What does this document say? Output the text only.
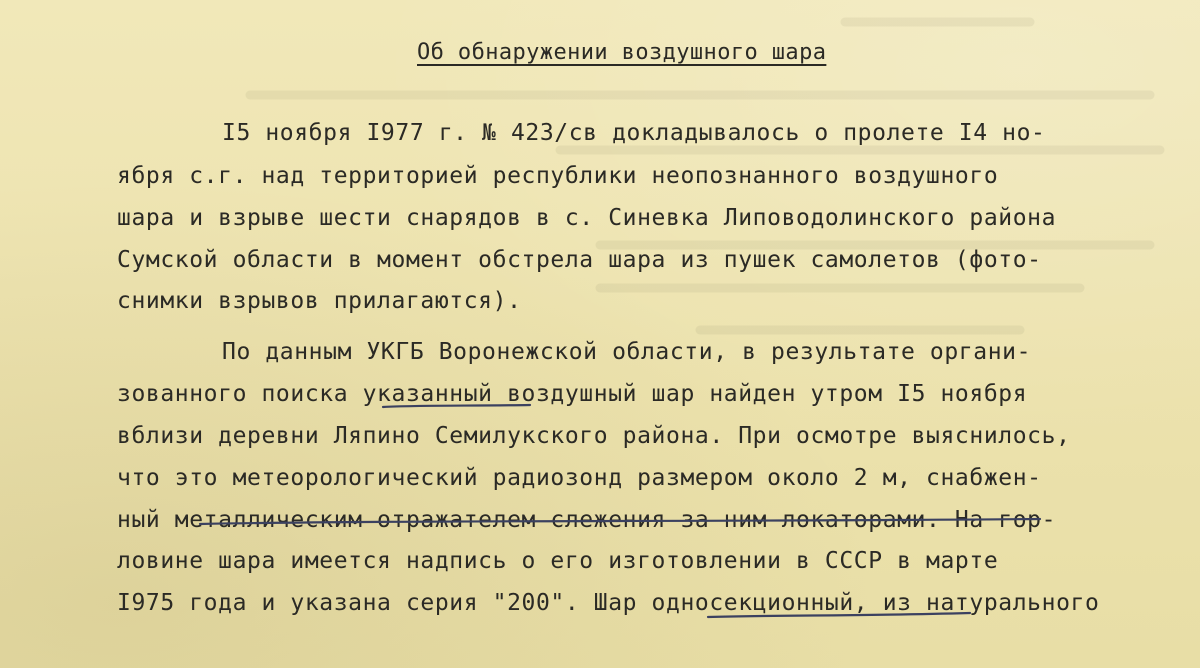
Об обнаружении воздушного шара
I5 ноября I977 г. № 423/св докладывалось о пролете I4 но-
ября с.г. над территорией республики неопознанного воздушного
шара и взрыве шести снарядов в с. Синевка Липоводолинского района
Сумской области в момент обстрела шара из пушек самолетов (фото-
снимки взрывов прилагаются).
По данным УКГБ Воронежской области, в результате органи-
зованного поиска указанный воздушный шар найден утром I5 ноября
вблизи деревни Ляпино Семилукского района. При осмотре выяснилось,
что это метеорологический радиозонд размером около 2 м, снабжен-
ный металлическим отражателем слежения за ним локаторами. На гор-
ловине шара имеется надпись о его изготовлении в СССР в марте
I975 года и указана серия "200". Шар односекционный, из натурального
